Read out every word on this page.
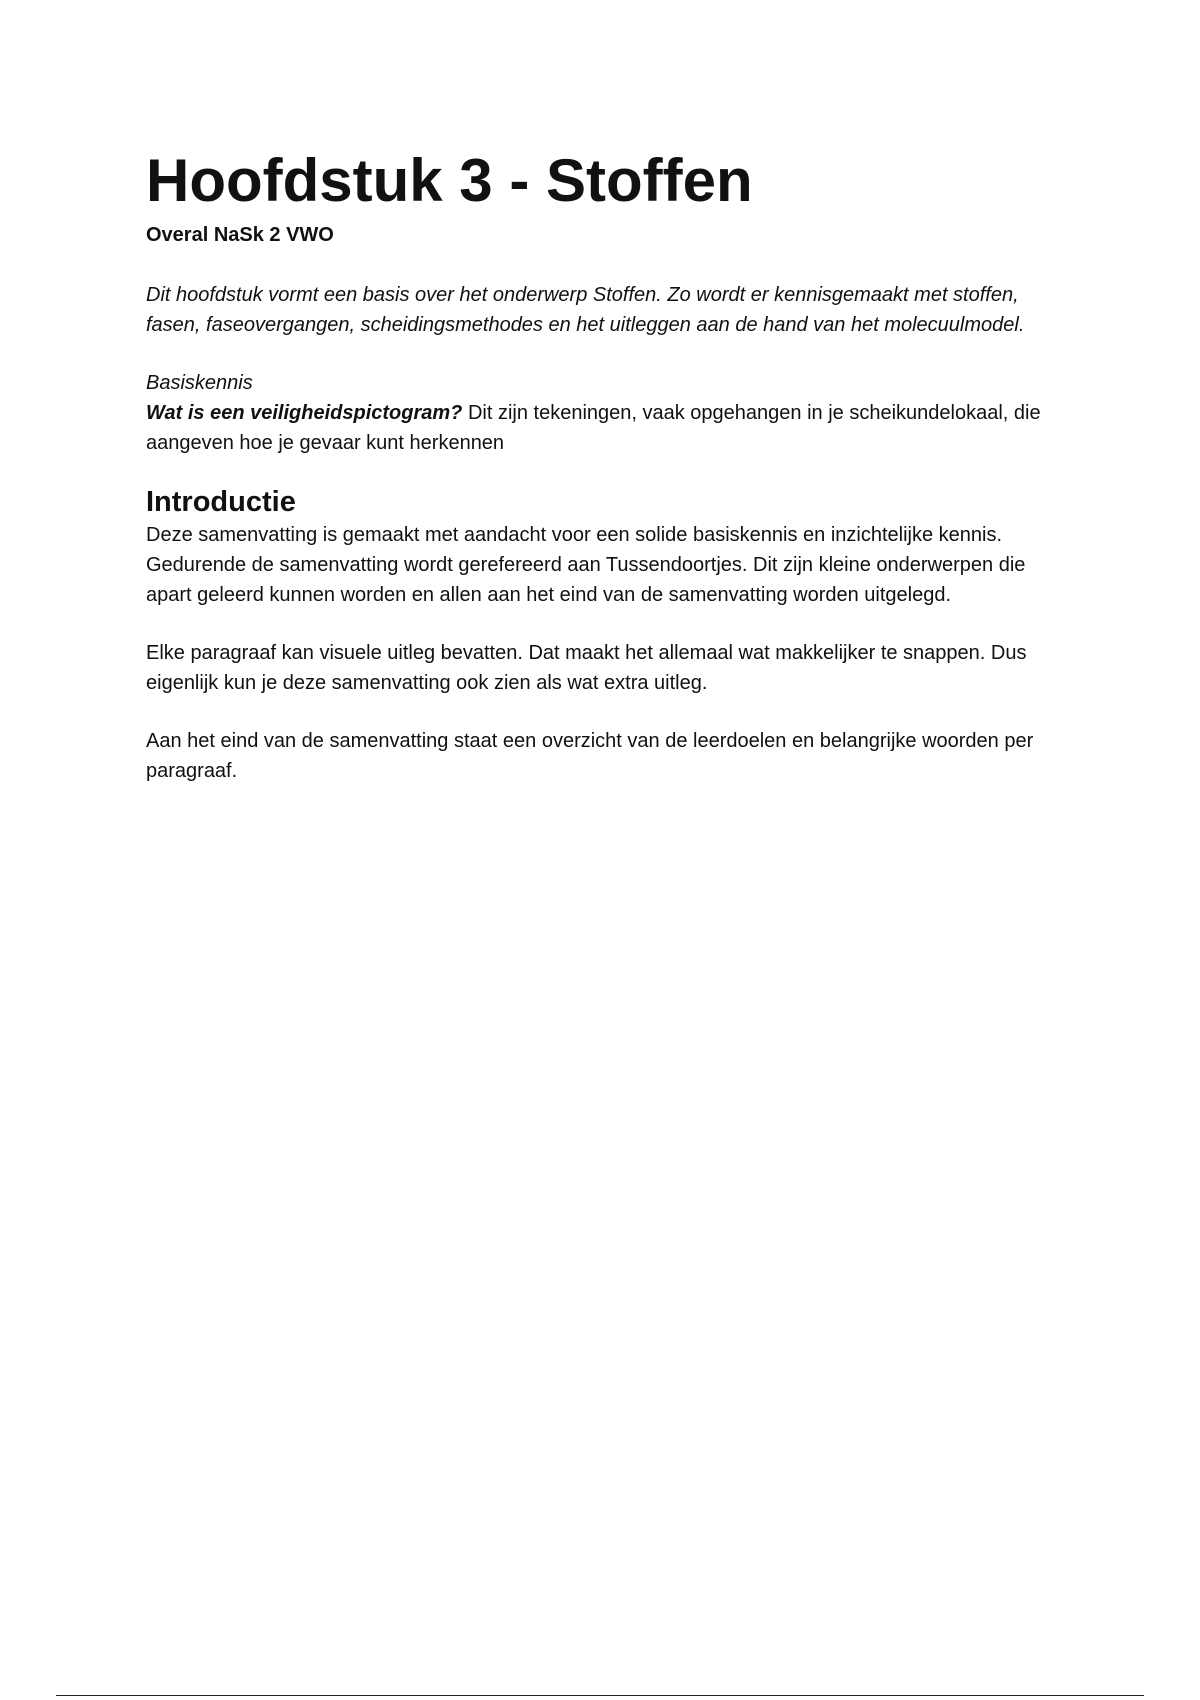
Hoofdstuk 3 - Stoffen
Overal NaSk 2 VWO

Dit hoofdstuk vormt een basis over het onderwerp Stoffen. Zo wordt er kennisgemaakt met stoffen, fasen, faseovergangen, scheidingsmethodes en het uitleggen aan de hand van het molecuulmodel.

Basiskennis

Wat is een veiligheidspictogram? Dit zijn tekeningen, vaak opgehangen in je scheikundelokaal, die aangeven hoe je gevaar kunt herkennen

Introductie

Deze samenvatting is gemaakt met aandacht voor een solide basiskennis en inzichtelijke kennis. Gedurende de samenvatting wordt gerefereerd aan Tussendoortjes. Dit zijn kleine onderwerpen die apart geleerd kunnen worden en allen aan het eind van de samenvatting worden uitgelegd.

Elke paragraaf kan visuele uitleg bevatten. Dat maakt het allemaal wat makkelijker te snappen. Dus eigenlijk kun je deze samenvatting ook zien als wat extra uitleg.

Aan het eind van de samenvatting staat een overzicht van de leerdoelen en belangrijke woorden per paragraaf.
